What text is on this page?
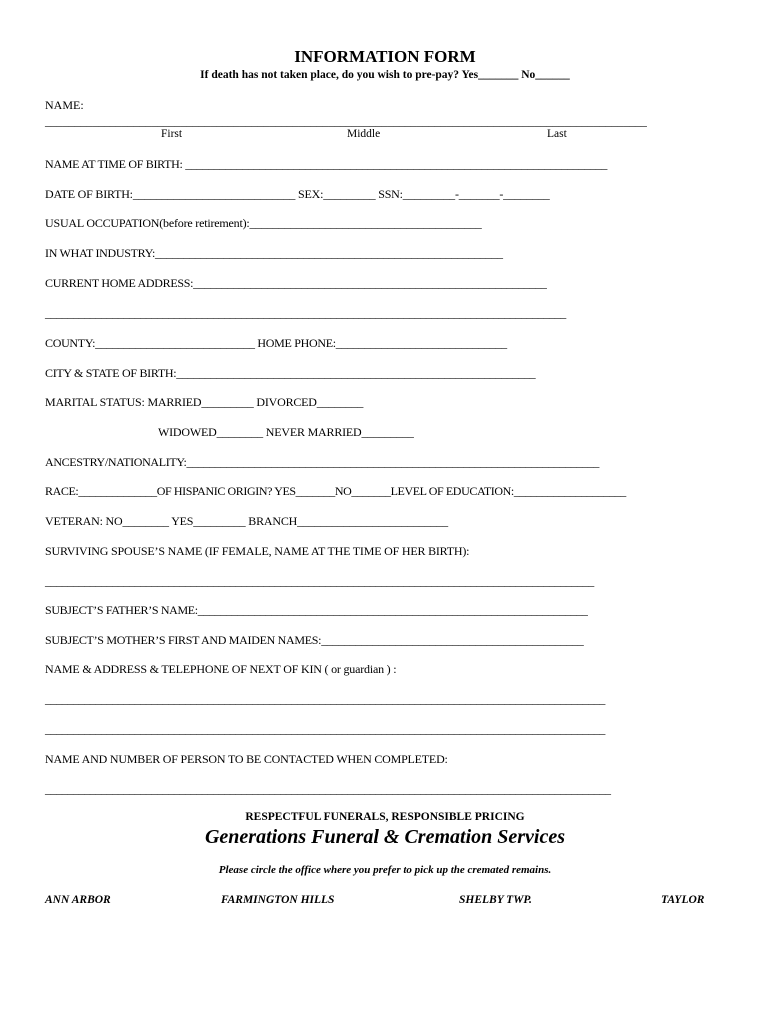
INFORMATION FORM
If death has not taken place, do you wish to pre-pay? Yes_______ No______
NAME:
______________________________________________________________________________________________________
First	Middle	Last
NAME AT TIME OF BIRTH: __________________________________________________________________________
DATE OF BIRTH:____________________________ SEX:_________ SSN:_________-_______-________
USUAL OCCUPATION(before retirement):________________________________________
IN WHAT INDUSTRY:_____________________________________________________________
CURRENT HOME ADDRESS:______________________________________________________________
_____________________________________________________________________________________________
COUNTY:____________________________ HOME PHONE:______________________________
CITY & STATE OF BIRTH:_______________________________________________________________
MARITAL STATUS: MARRIED_________ DIVORCED________
WIDOWED________ NEVER MARRIED_________
ANCESTRY/NATIONALITY:_________________________________________________________________________
RACE:______________OF HISPANIC ORIGIN? YES_______NO_______LEVEL OF EDUCATION:____________________
VETERAN: NO________ YES_________ BRANCH__________________________
SURVIVING SPOUSE’S NAME (IF FEMALE, NAME AT THE TIME OF HER BIRTH):
__________________________________________________________________________________________________
SUBJECT’S FATHER’S NAME:_____________________________________________________________________
SUBJECT’S MOTHER’S FIRST AND MAIDEN NAMES:______________________________________________
NAME & ADDRESS & TELEPHONE OF NEXT OF KIN ( or guardian ) :
____________________________________________________________________________________________________
____________________________________________________________________________________________________
NAME AND NUMBER OF PERSON TO BE CONTACTED WHEN COMPLETED:
_____________________________________________________________________________________________________
RESPECTFUL FUNERALS, RESPONSIBLE PRICING
Generations Funeral & Cremation Services
Please circle the office where you prefer to pick up the cremated remains.
ANN ARBOR	FARMINGTON HILLS	SHELBY TWP.	TAYLOR
